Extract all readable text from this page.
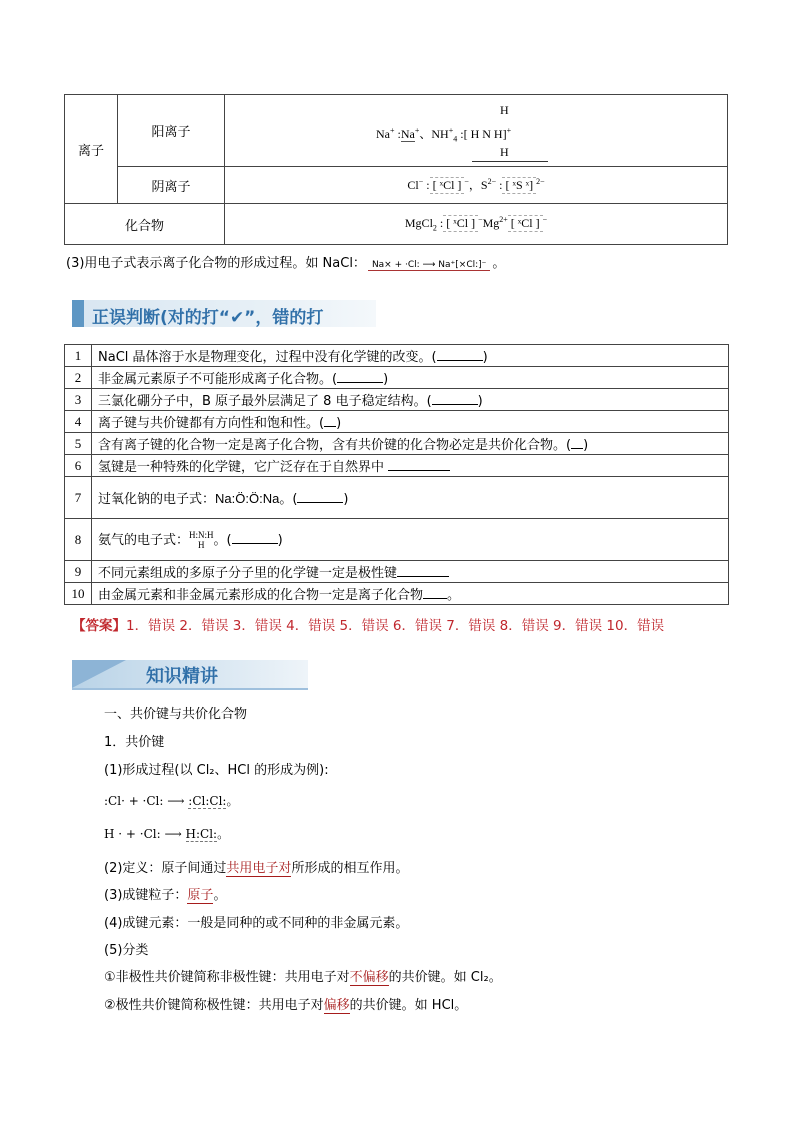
离子	阳离子	Na+ :Na+、$NH^+_4$ :[ H N H]+
H
H

	阴离子	Cl− : [ ˣCl ] −，$S^{2-}$ : [ ˣS ˣ] $^{2-}$
化合物		MgCl$_2$ : [ ˣCl ] $^-Mg^{2+}$ [ ˣCl ] −
(3)用电子式表示离子化合物的形成过程。如 NaCl： Na× + ·Cl: ⟶ Na⁺[×Cl:]⁻ 。
正误判断(对的打“✔”，错的打
1	NaCl 晶体溶于水是物理变化，过程中没有化学键的改变。( )
2	非金属元素原子不可能形成离子化合物。( )
3	三氯化硼分子中，B 原子最外层满足了 8 电子稳定结构。( )
4	离子键与共价键都有方向性和饱和性。( )
5	含有离子键的化合物一定是离子化合物，含有共价键的化合物必定是共价化合物。( )
6	氢键是一种特殊的化学键，它广泛存在于自然界中
7	过氧化钠的电子式：Na:Ö:Ö:Na。( )
8	氨气的电子式：H:N:H
H 。( )
9	不同元素组成的多原子分子里的化学键一定是极性键
10	由金属元素和非金属元素形成的化合物一定是离子化合物 。
【答案】1．错误 2．错误 3．错误 4．错误 5．错误 6．错误 7．错误 8．错误 9．错误 10．错误
知识精讲
一、共价键与共价化合物
1．共价键
(1)形成过程(以 Cl₂、HCl 的形成为例):
:Cl· + ·Cl: ⟶ :Cl:Cl:。
H · + ·Cl: ⟶ H:Cl:。
(2)定义：原子间通过共用电子对所形成的相互作用。
(3)成键粒子：原子。
(4)成键元素：一般是同种的或不同种的非金属元素。
(5)分类
①非极性共价键简称非极性键：共用电子对不偏移的共价键。如 Cl₂。
②极性共价键简称极性键：共用电子对偏移的共价键。如 HCl。
